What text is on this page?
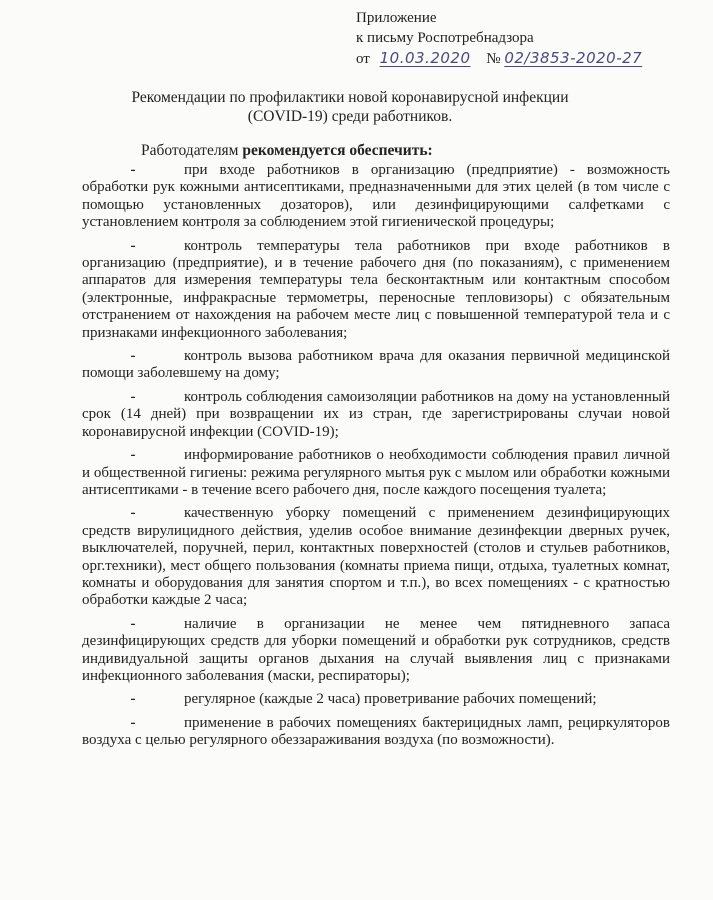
Приложение
к письму Роспотребнадзора
от 10.03.2020 № 02/3853-2020-27
Рекомендации по профилактики новой коронавирусной инфекции
(COVID-19) среди работников.
Работодателям рекомендуется обеспечить:

-	при входе работников в организацию (предприятие) - возможность обработки рук кожными антисептиками, предназначенными для этих целей (в том числе с помощью установленных дозаторов), или дезинфицирующими салфетками с установлением контроля за соблюдением этой гигиенической процедуры;

-	контроль температуры тела работников при входе работников в организацию (предприятие), и в течение рабочего дня (по показаниям), с применением аппаратов для измерения температуры тела бесконтактным или контактным способом (электронные, инфракрасные термометры, переносные тепловизоры) с обязательным отстранением от нахождения на рабочем месте лиц с повышенной температурой тела и с признаками инфекционного заболевания;

-	контроль вызова работником врача для оказания первичной медицинской помощи заболевшему на дому;

-	контроль соблюдения самоизоляции работников на дому на установленный срок (14 дней) при возвращении их из стран, где зарегистрированы случаи новой коронавирусной инфекции (COVID-19);

-	информирование работников о необходимости соблюдения правил личной и общественной гигиены: режима регулярного мытья рук с мылом или обработки кожными антисептиками - в течение всего рабочего дня, после каждого посещения туалета;

-	качественную уборку помещений с применением дезинфицирующих средств вирулицидного действия, уделив особое внимание дезинфекции дверных ручек, выключателей, поручней, перил, контактных поверхностей (столов и стульев работников, орг.техники), мест общего пользования (комнаты приема пищи, отдыха, туалетных комнат, комнаты и оборудования для занятия спортом и т.п.), во всех помещениях - с кратностью обработки каждые 2 часа;

-	наличие в организации не менее чем пятидневного запаса дезинфицирующих средств для уборки помещений и обработки рук сотрудников, средств индивидуальной защиты органов дыхания на случай выявления лиц с признаками инфекционного заболевания (маски, респираторы);

-	регулярное (каждые 2 часа) проветривание рабочих помещений;

-	применение в рабочих помещениях бактерицидных ламп, рециркуляторов воздуха с целью регулярного обеззараживания воздуха (по возможности).
